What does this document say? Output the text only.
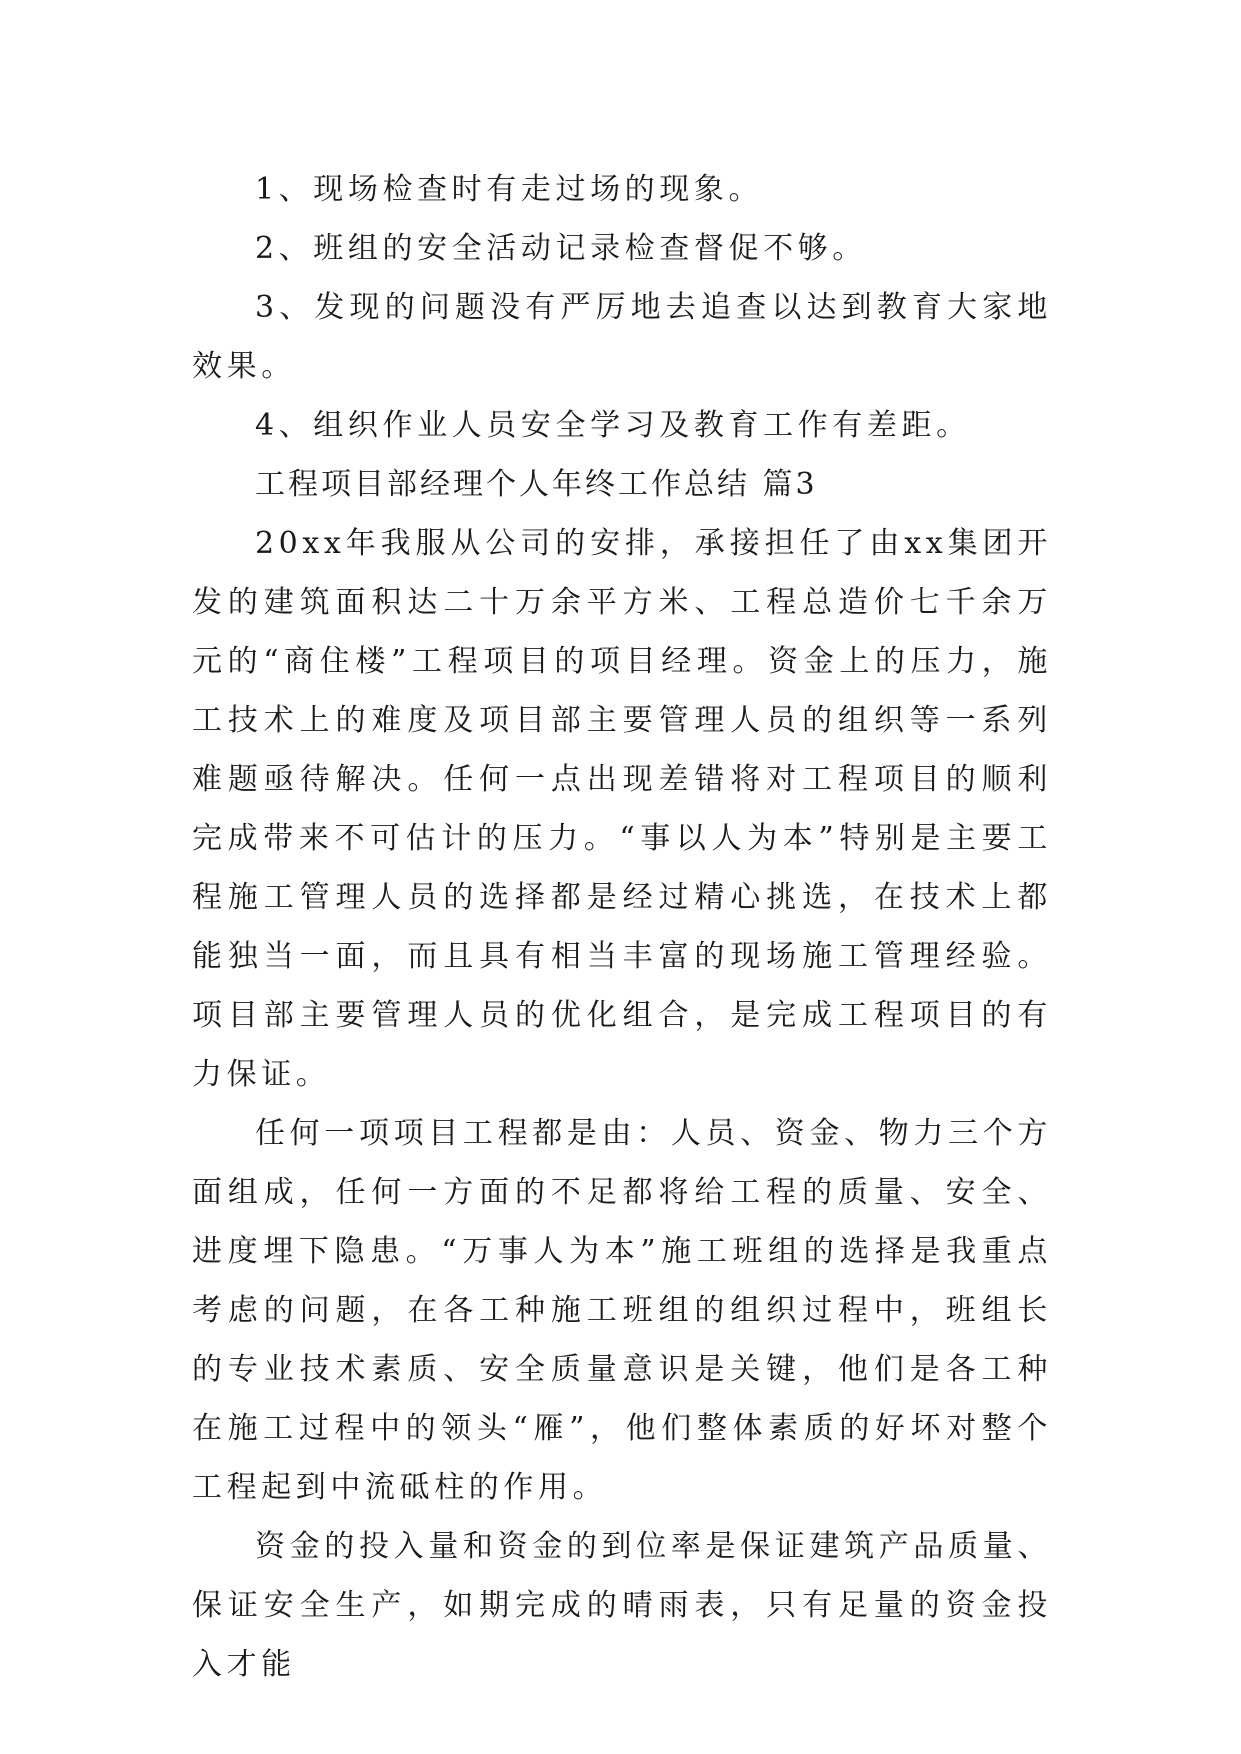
1、现场检查时有走过场的现象。

2、班组的安全活动记录检查督促不够。

3、发现的问题没有严厉地去追查以达到教育大家地效果。

4、组织作业人员安全学习及教育工作有差距。

工程项目部经理个人年终工作总结 篇3

20xx年我服从公司的安排，承接担任了由xx集团开发的建筑面积达二十万余平方米、工程总造价七千余万元的“商住楼”工程项目的项目经理。资金上的压力，施工技术上的难度及项目部主要管理人员的组织等一系列难题亟待解决。任何一点出现差错将对工程项目的顺利完成带来不可估计的压力。“事以人为本”特别是主要工程施工管理人员的选择都是经过精心挑选，在技术上都能独当一面，而且具有相当丰富的现场施工管理经验。项目部主要管理人员的优化组合，是完成工程项目的有力保证。

任何一项项目工程都是由：人员、资金、物力三个方面组成，任何一方面的不足都将给工程的质量、安全、进度埋下隐患。“万事人为本”施工班组的选择是我重点考虑的问题，在各工种施工班组的组织过程中，班组长的专业技术素质、安全质量意识是关键，他们是各工种在施工过程中的领头“雁”，他们整体素质的好坏对整个工程起到中流砥柱的作用。

资金的投入量和资金的到位率是保证建筑产品质量、保证安全生产，如期完成的晴雨表，只有足量的资金投入才能
